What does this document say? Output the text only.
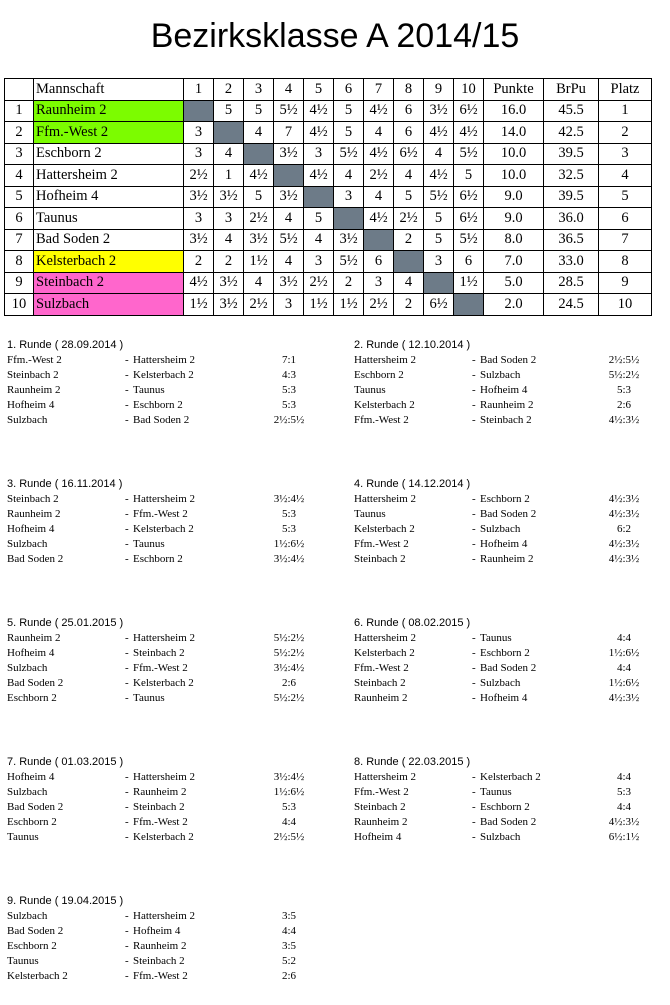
Bezirksklasse A 2014/15
	Mannschaft	1	2	3	4	5	6	7	8	9	10	Punkte	BrPu	Platz
1	Raunheim 2		5	5	5½	4½	5	4½	6	3½	6½	16.0	45.5	1
2	Ffm.-West 2	3		4	7	4½	5	4	6	4½	4½	14.0	42.5	2
3	Eschborn 2	3	4		3½	3	5½	4½	6½	4	5½	10.0	39.5	3
4	Hattersheim 2	2½	1	4½		4½	4	2½	4	4½	5	10.0	32.5	4
5	Hofheim 4	3½	3½	5	3½		3	4	5	5½	6½	9.0	39.5	5
6	Taunus	3	3	2½	4	5		4½	2½	5	6½	9.0	36.0	6
7	Bad Soden 2	3½	4	3½	5½	4	3½		2	5	5½	8.0	36.5	7
8	Kelsterbach 2	2	2	1½	4	3	5½	6		3	6	7.0	33.0	8
9	Steinbach 2	4½	3½	4	3½	2½	2	3	4		1½	5.0	28.5	9
10	Sulzbach	1½	3½	2½	3	1½	1½	2½	2	6½		2.0	24.5	10
1. Runde ( 28.09.2014 )
Ffm.-West 2	- Hattersheim 2	7:1
Steinbach 2	- Kelsterbach 2	4:3
Raunheim 2	- Taunus	5:3
Hofheim 4	- Eschborn 2	5:3
Sulzbach	- Bad Soden 2	2½:5½
2. Runde ( 12.10.2014 )
Hattersheim 2	- Bad Soden 2	2½:5½
Eschborn 2	- Sulzbach	5½:2½
Taunus	- Hofheim 4	5:3
Kelsterbach 2	- Raunheim 2	2:6
Ffm.-West 2	- Steinbach 2	4½:3½
3. Runde ( 16.11.2014 )
Steinbach 2	- Hattersheim 2	3½:4½
Raunheim 2	- Ffm.-West 2	5:3
Hofheim 4	- Kelsterbach 2	5:3
Sulzbach	- Taunus	1½:6½
Bad Soden 2	- Eschborn 2	3½:4½
4. Runde ( 14.12.2014 )
Hattersheim 2	- Eschborn 2	4½:3½
Taunus	- Bad Soden 2	4½:3½
Kelsterbach 2	- Sulzbach	6:2
Ffm.-West 2	- Hofheim 4	4½:3½
Steinbach 2	- Raunheim 2	4½:3½
5. Runde ( 25.01.2015 )
Raunheim 2	- Hattersheim 2	5½:2½
Hofheim 4	- Steinbach 2	5½:2½
Sulzbach	- Ffm.-West 2	3½:4½
Bad Soden 2	- Kelsterbach 2	2:6
Eschborn 2	- Taunus	5½:2½
6. Runde ( 08.02.2015 )
Hattersheim 2	- Taunus	4:4
Kelsterbach 2	- Eschborn 2	1½:6½
Ffm.-West 2	- Bad Soden 2	4:4
Steinbach 2	- Sulzbach	1½:6½
Raunheim 2	- Hofheim 4	4½:3½
7. Runde ( 01.03.2015 )
Hofheim 4	- Hattersheim 2	3½:4½
Sulzbach	- Raunheim 2	1½:6½
Bad Soden 2	- Steinbach 2	5:3
Eschborn 2	- Ffm.-West 2	4:4
Taunus	- Kelsterbach 2	2½:5½
8. Runde ( 22.03.2015 )
Hattersheim 2	- Kelsterbach 2	4:4
Ffm.-West 2	- Taunus	5:3
Steinbach 2	- Eschborn 2	4:4
Raunheim 2	- Bad Soden 2	4½:3½
Hofheim 4	- Sulzbach	6½:1½
9. Runde ( 19.04.2015 )
Sulzbach	- Hattersheim 2	3:5
Bad Soden 2	- Hofheim 4	4:4
Eschborn 2	- Raunheim 2	3:5
Taunus	- Steinbach 2	5:2
Kelsterbach 2	- Ffm.-West 2	2:6
